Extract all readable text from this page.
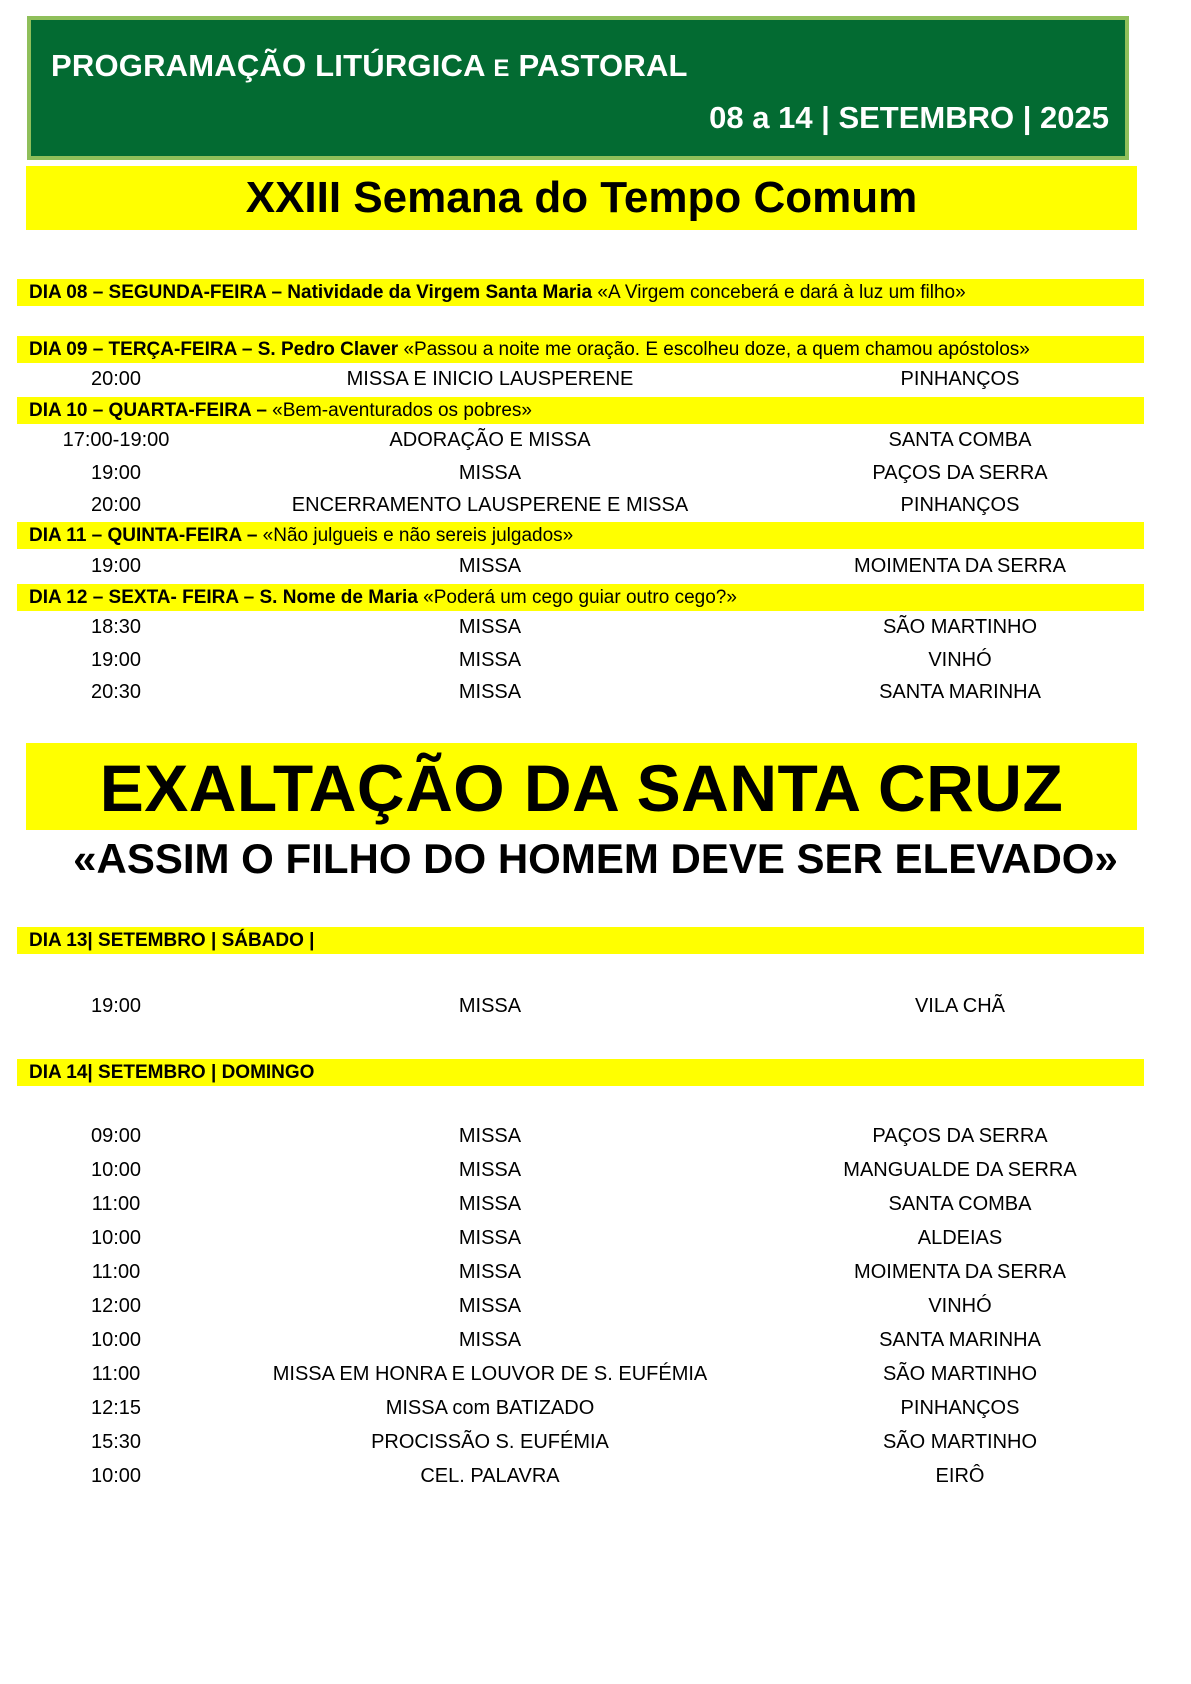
PROGRAMAÇÃO LITÚRGICA E PASTORAL
08 a 14 | SETEMBRO | 2025
XXIII Semana do Tempo Comum
DIA 08 – SEGUNDA-FEIRA – Natividade da Virgem Santa Maria «A Virgem conceberá e dará à luz um filho»
DIA 09 – TERÇA-FEIRA – S. Pedro Claver «Passou a noite me oração. E escolheu doze, a quem chamou apóstolos»
20:00	MISSA E INICIO LAUSPERENE	PINHANÇOS
DIA 10 – QUARTA-FEIRA – «Bem-aventurados os pobres»
17:00-19:00	ADORAÇÃO E MISSA	SANTA COMBA
19:00	MISSA	PAÇOS DA SERRA
20:00	ENCERRAMENTO LAUSPERENE E MISSA	PINHANÇOS
DIA 11 – QUINTA-FEIRA – «Não julgueis e não sereis julgados»
19:00	MISSA	MOIMENTA DA SERRA
DIA 12 – SEXTA- FEIRA – S. Nome de Maria «Poderá um cego guiar outro cego?»
18:30	MISSA	SÃO MARTINHO
19:00	MISSA	VINHÓ
20:30	MISSA	SANTA MARINHA
EXALTAÇÃO DA SANTA CRUZ
«ASSIM O FILHO DO HOMEM DEVE SER ELEVADO»
DIA 13| SETEMBRO | SÁBADO |
19:00	MISSA	VILA CHÃ
DIA 14| SETEMBRO | DOMINGO
09:00	MISSA	PAÇOS DA SERRA
10:00	MISSA	MANGUALDE DA SERRA
11:00	MISSA	SANTA COMBA
10:00	MISSA	ALDEIAS
11:00	MISSA	MOIMENTA DA SERRA
12:00	MISSA	VINHÓ
10:00	MISSA	SANTA MARINHA
11:00	MISSA EM HONRA E LOUVOR DE S. EUFÉMIA	SÃO MARTINHO
12:15	MISSA com BATIZADO	PINHANÇOS
15:30	PROCISSÃO S. EUFÉMIA	SÃO MARTINHO
10:00	CEL. PALAVRA	EIRÔ
